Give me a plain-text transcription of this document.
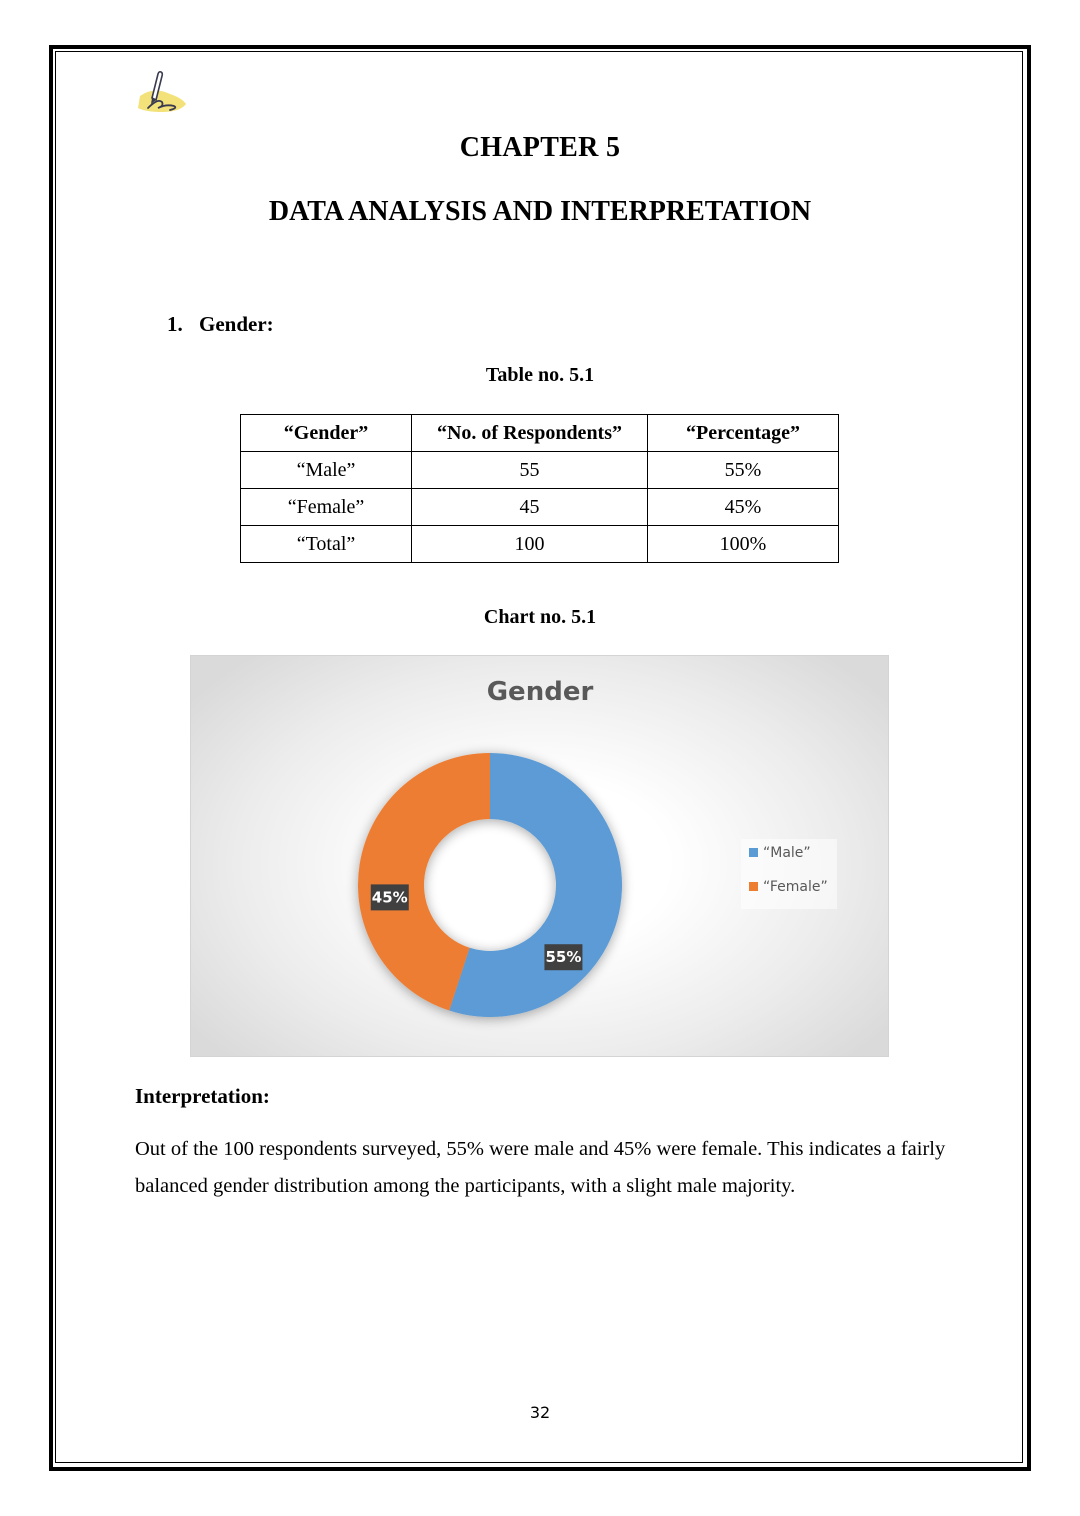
CHAPTER 5
DATA ANALYSIS AND INTERPRETATION
1. Gender:
Table no. 5.1
“Gender”	“No. of Respondents”	“Percentage”
“Male”	55	55%
“Female”	45	45%
“Total”	100	100%
Chart no. 5.1
Gender
55%
45%
“Male”
“Female”
Interpretation:
Out of the 100 respondents surveyed, 55% were male and 45% were female. This indicates a fairly balanced gender distribution among the participants, with a slight male majority.
32
